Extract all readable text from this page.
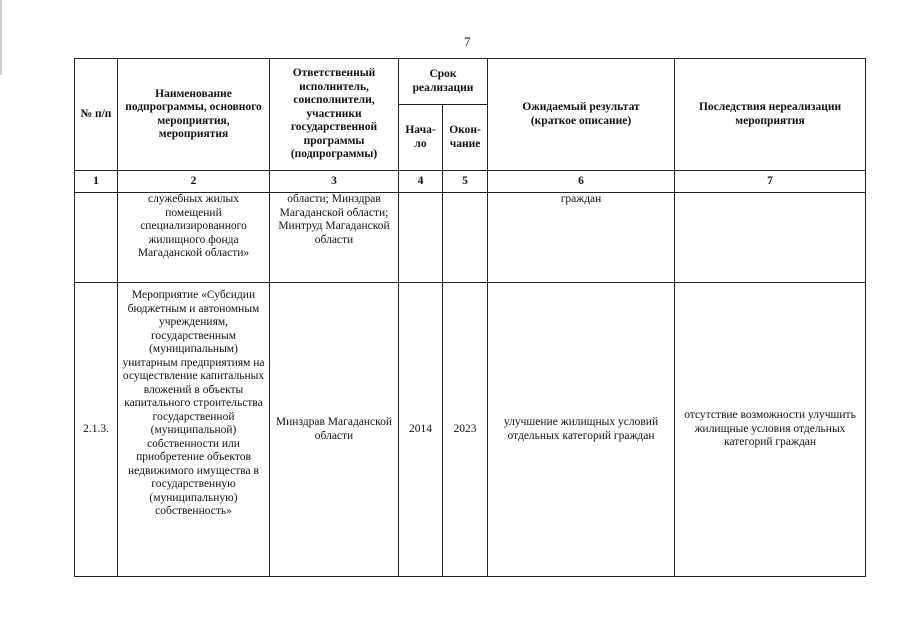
7
№ п/п	Наименование подпрограммы, основного мероприятия, мероприятия	Ответственный исполнитель, соисполнители, участники государственной программы (подпрограммы)	Срок реализации		Ожидаемый результат (краткое описание)	Последствия нереализации мероприятия
			Нача-ло	Окон-чание		
1	2	3	4	5	6	7
	служебных жилых помещений специализированного жилищного фонда Магаданской области»	области; Минздрав Магаданской области; Минтруд Магаданской области			граждан	
2.1.3.	Мероприятие «Субсидии бюджетным и автономным учреждениям, государственным (муниципальным) унитарным предприятиям на осуществление капитальных вложений в объекты капитального строительства государственной (муниципальной) собственности или приобретение объектов недвижимого имущества в государственную (муниципальную) собственность»	Минздрав Магаданской области	2014	2023	улучшение жилищных условий отдельных категорий граждан	отсутствие возможности улучшить жилищные условия отдельных категорий граждан
